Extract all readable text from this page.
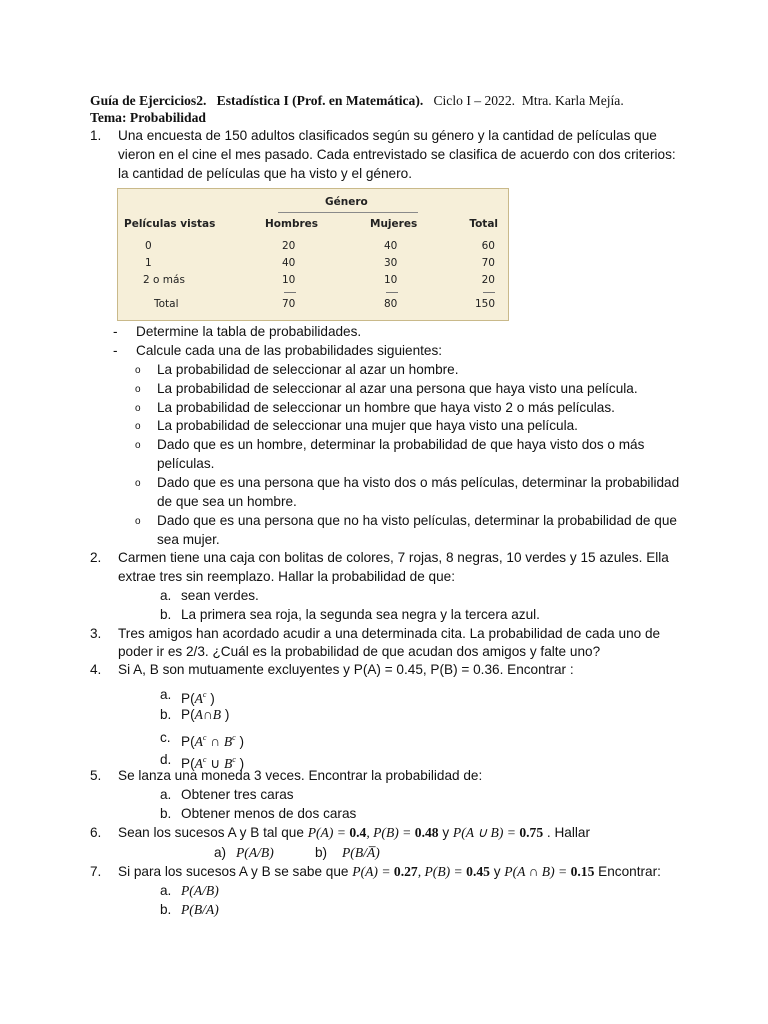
Guía de Ejercicios2. Estadística I (Prof. en Matemática). Ciclo I – 2022. Mtra. Karla Mejía.
Tema: Probabilidad
1.	Una encuesta de 150 adultos clasificados según su género y la cantidad de películas que
vieron en el cine el mes pasado. Cada entrevistado se clasifica de acuerdo con dos criterios:
la cantidad de películas que ha visto y el género.
Género
Películas vistas	Hombres	Mujeres	Total
0	20	40	60
1	40	30	70
2 o más	10	10	20
Total	70	80	150
- Determine la tabla de probabilidades.
- Calcule cada una de las probabilidades siguientes:
o La probabilidad de seleccionar al azar un hombre.
o La probabilidad de seleccionar al azar una persona que haya visto una película.
o La probabilidad de seleccionar un hombre que haya visto 2 o más películas.
o La probabilidad de seleccionar una mujer que haya visto una película.
o Dado que es un hombre, determinar la probabilidad de que haya visto dos o más
películas.
o Dado que es una persona que ha visto dos o más películas, determinar la probabilidad
de que sea un hombre.
o Dado que es una persona que no ha visto películas, determinar la probabilidad de que
sea mujer.
2.	Carmen tiene una caja con bolitas de colores, 7 rojas, 8 negras, 10 verdes y 15 azules. Ella
extrae tres sin reemplazo. Hallar la probabilidad de que:
a. sean verdes.
b. La primera sea roja, la segunda sea negra y la tercera azul.
3.	Tres amigos han acordado acudir a una determinada cita. La probabilidad de cada uno de
poder ir es 2/3. ¿Cuál es la probabilidad de que acudan dos amigos y falte uno?
4.	Si A, B son mutuamente excluyentes y P(A) = 0.45, P(B) = 0.36. Encontrar :
a. $P(A^c$ )
b. P(A∩B )
c. $P(A^c$ ∩ $B^c$ )
d. $P(A^c$ ∪ $B^c$ )
5.	Se lanza una moneda 3 veces. Encontrar la probabilidad de:
a. Obtener tres caras
b. Obtener menos de dos caras
6.	Sean los sucesos A y B tal que P(A) = 0.4, P(B) = 0.48 y P(A ∪ B) = 0.75 . Hallar
a) P(A/B)	b) P(B/A̅)
7.	Si para los sucesos A y B se sabe que P(A) = 0.27, P(B) = 0.45 y P(A ∩ B) = 0.15 Encontrar:
a. P(A/B)
b. P(B/A)
